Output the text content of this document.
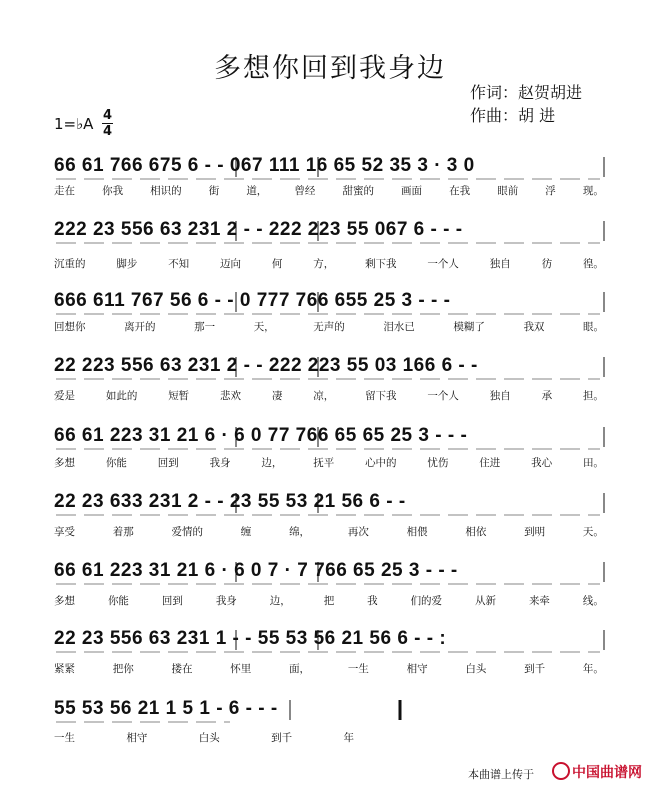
多想你回到我身边
作词：赵贺胡进
作曲：胡 进
1=♭A 4
4
66 61 766 675 6 - - 067 111 16 65 52 35 3 · 3 0
走在	你我	相识的	街	道，	曾经	甜蜜的	画面	在我	眼前	浮	现。
222 23 556 63 231 2 - - 222 223 55 067 6 - - -
沉重的	脚步	不知	迈向	何	方，	剩下我	一个人	独自	彷	徨。
666 611 767 56 6 - - 0 777 766 655 25 3 - - -
回想你	离开的	那一	天，	无声的	泪水已	模糊了	我双	眼。
22 223 556 63 231 2 - - 222 223 55 03 166 6 - -
爱是	如此的	短暂	悲欢	凄	凉，	留下我	一个人	独自	承	担。
66 61 223 31 21 6 · 6 0 77 766 65 65 25 3 - - -
多想	你能	回到	我身	边，	抚平	心中的	忧伤	住进	我心	田。
22 23 633 231 2 - - 23 55 53 21 56 6 - -
享受	着那	爱情的	缠	绵，	再次	相偎	相依	到明	天。
66 61 223 31 21 6 · 6 0 7 · 7 766 65 25 3 - - -
多想	你能	回到	我身	边，	把	我	们的爱	从新	来牵	线。
22 23 556 63 231 1 - - 55 53 56 21 56 6 - - :
紧紧	把你	搂在	怀里	面，	一生	相守	白头	到千	年。
55 53 56 21 1 5 1 - 6 - - -
一生	相守	白头	到千	年
本曲谱上传于	中国曲谱网
